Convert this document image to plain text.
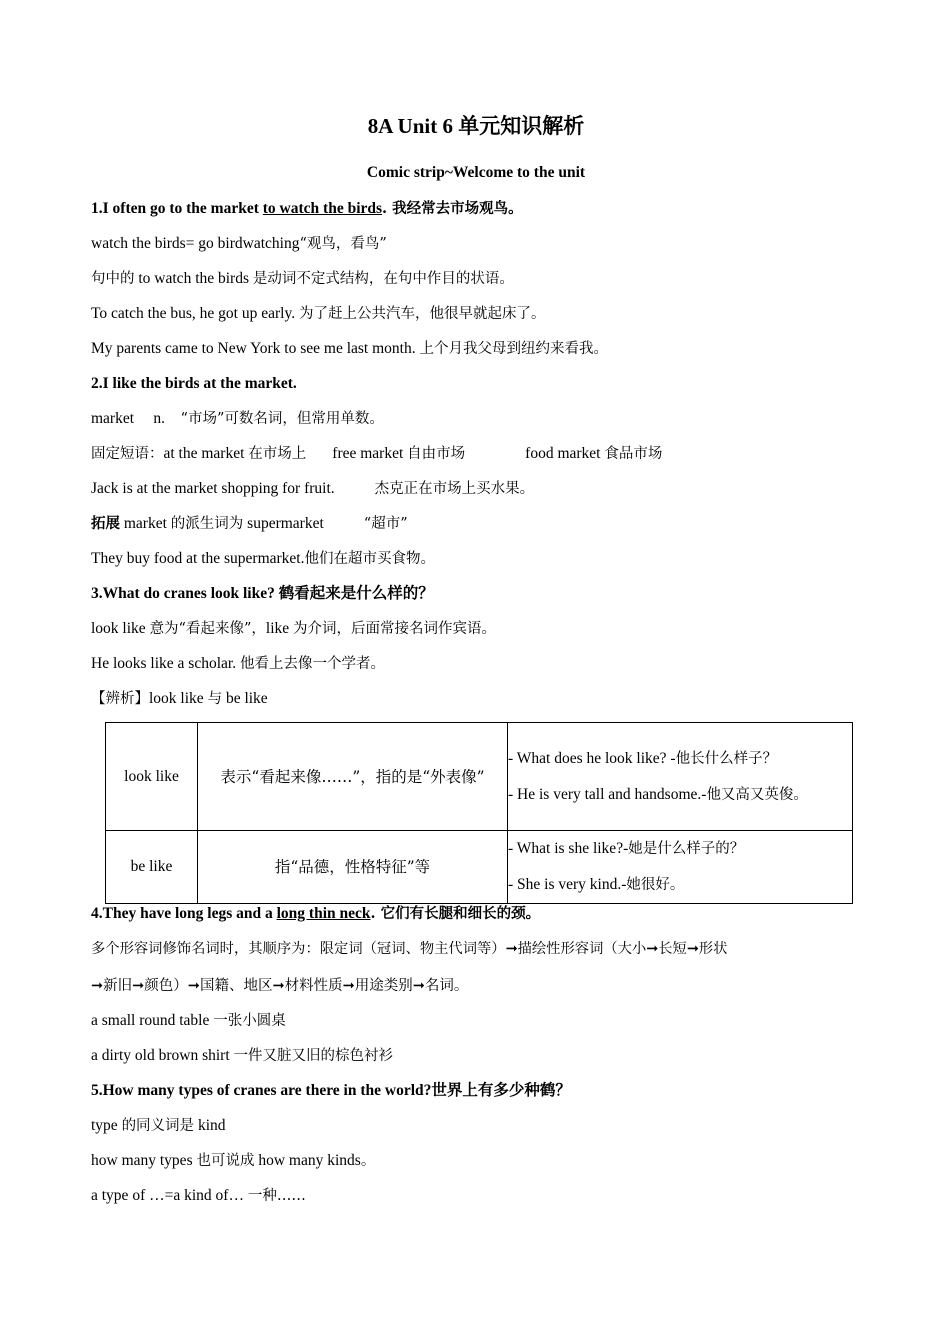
8A Unit 6 单元知识解析
Comic strip~Welcome to the unit
1.I often go to the market to watch the birds. 我经常去市场观鸟。
watch the birds= go birdwatching“观鸟，看鸟”
句中的 to watch the birds 是动词不定式结构，在句中作目的状语。
To catch the bus, he got up early. 为了赶上公共汽车，他很早就起床了。
My parents came to New York to see me last month. 上个月我父母到纽约来看我。
2.I like the birds at the market.
market     n.    “市场”可数名词，但常用单数。
固定短语：at the market 在市场上 free market 自由市场	food market 食品市场
Jack is at the market shopping for fruit.	杰克正在市场上买水果。
拓展 market 的派生词为 supermarket	“超市”
They buy food at the supermarket.他们在超市买食物。
3.What do cranes look like? 鹤看起来是什么样的？
look like 意为“看起来像”，like 为介词，后面常接名词作宾语。
He looks like a scholar. 他看上去像一个学者。
【辨析】look like 与 be like
look like	表示“看起来像……”，指的是“外表像”	- What does he look like? -他长什么样子？
- He is very tall and handsome.-他又高又英俊。

be like	指“品德，性格特征”等	- What is she like?-她是什么样子的？
- She is very kind.-她很好。
4.They have long legs and a long thin neck. 它们有长腿和细长的颈。
多个形容词修饰名词时，其顺序为：限定词（冠词、物主代词等）➞描绘性形容词（大小➞长短➞形状
➞新旧➞颜色）➞国籍、地区➞材料性质➞用途类别➞名词。
a small round table 一张小圆桌
a dirty old brown shirt 一件又脏又旧的棕色衬衫
5.How many types of cranes are there in the world?世界上有多少种鹤？
type 的同义词是 kind
how many types 也可说成 how many kinds。
a type of …=a kind of… 一种……
